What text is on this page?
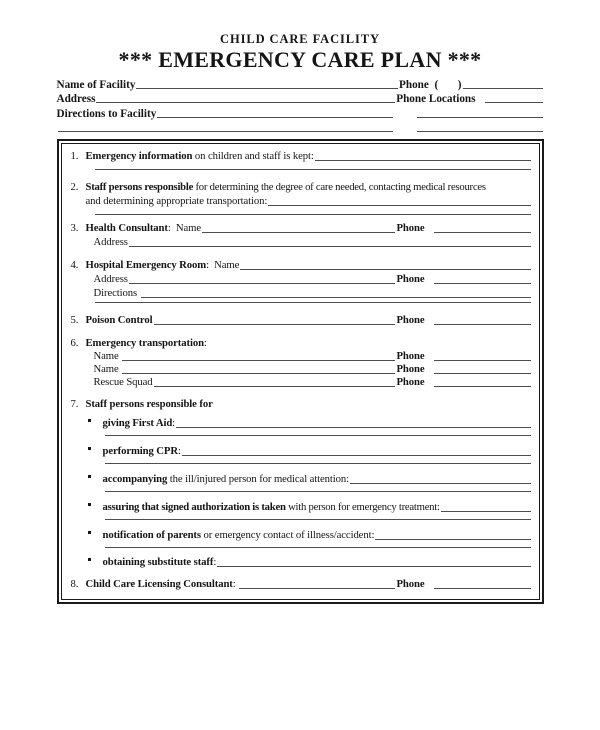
CHILD CARE FACILITY
*** EMERGENCY CARE PLAN ***
Name of Facility	Phone  (       )
Address	Phone Locations
Directions to Facility
1. Emergency information on children and staff is kept:
2. Staff persons responsible for determining the degree of care needed, contacting medical resources
and determining appropriate transportation:
3. Health Consultant:  Name	Phone
Address
4. Hospital Emergency Room:  Name
Address	Phone
Directions
5. Poison Control	Phone
6. Emergency transportation:
Name	Phone
Name	Phone
Rescue Squad	Phone
7. Staff persons responsible for
giving First Aid:
performing CPR:
accompanying the ill/injured person for medical attention:
assuring that signed authorization is taken with person for emergency treatment:
notification of parents or emergency contact of illness/accident:
obtaining substitute staff:
8. Child Care Licensing Consultant:	Phone
